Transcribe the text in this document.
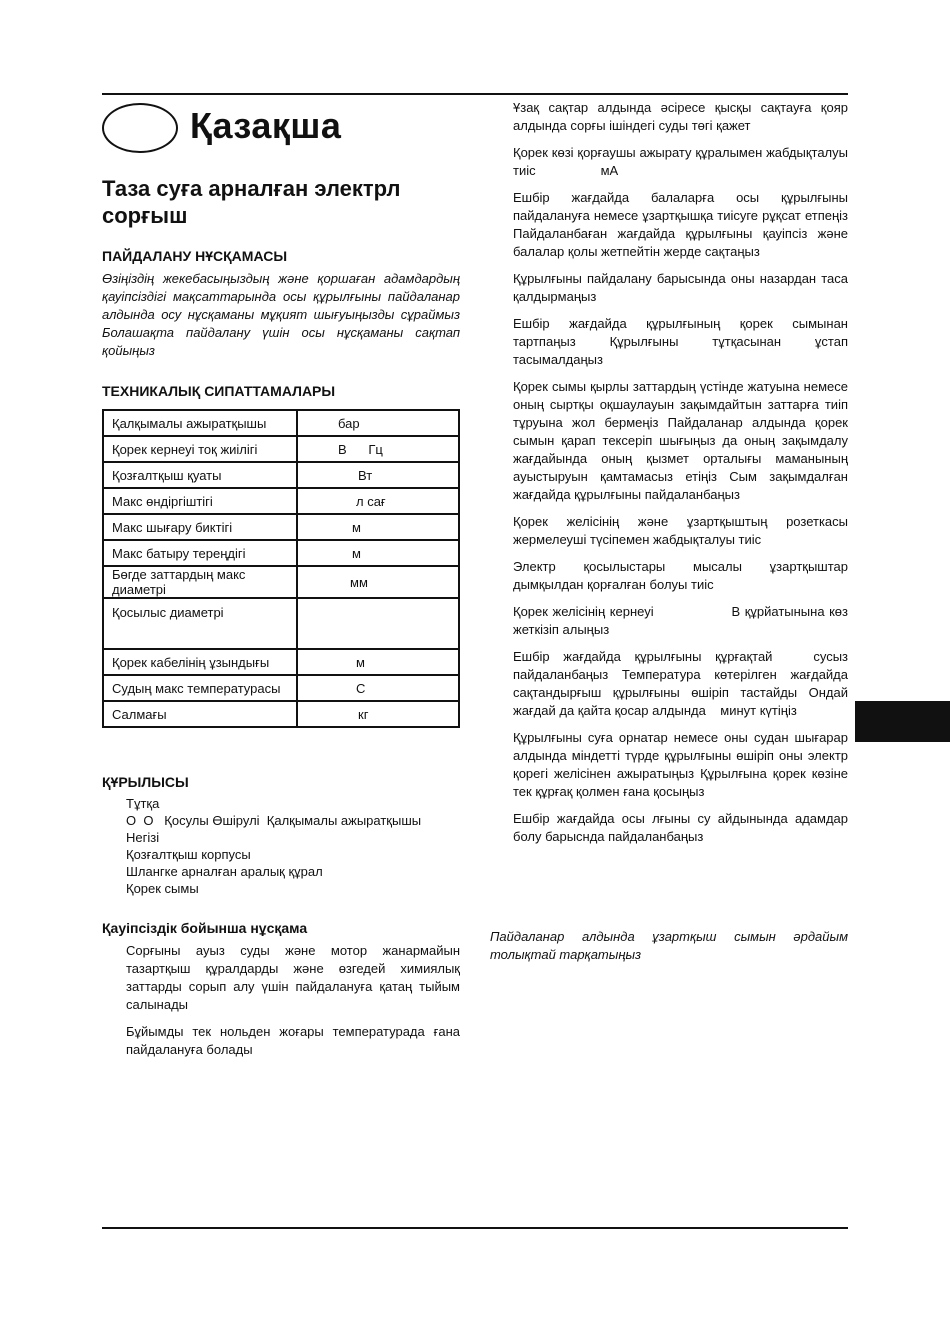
Қазақша
Таза суға арналған электрл сорғыш
ПАЙДАЛАНУ НҰСҚАМАСЫ
Өзіңіздің жекебасыңыздың және қоршаған адамдардың қауіпсіздігі мақсаттарында осы құрылғыны пайдаланар алдында осу нұсқаманы мұқият шығуыңызды сұраймыз Болашақта пайдалану үшін осы нұсқаманы сақтап қойыңыз
ТЕХНИКАЛЫҚ СИПАТТАМАЛАРЫ
Қалқымалы ажыратқышы	бар
Қорек кернеуі тоқ жиілігі	В      Гц
Қозғалтқыш қуаты	Вт
Макс өндіргіштігі	л сағ
Макс шығару биктігі	м
Макс батыру тереңдігі	м
Бөгде заттардың макс диаметрі	мм
Қосылыс диаметрі	
Қорек кабелінің ұзындығы	м
Судың макс температурасы	С
Салмағы	кг
ҚҰРЫЛЫСЫ
Тұтқа
О  О   Қосулы Өшірулі  Қалқымалы ажыратқышы
Негізі
Қозғалтқыш корпусы
Шлангке арналған аралық құрал
Қорек сымы
Қауіпсіздік бойынша нұсқама
Сорғыны ауыз суды және мотор жанармайын тазартқыш құралдарды және өзгедей химиялық заттарды сорып алу үшін пайдалануға қатаң тыйым салынады
Бұйымды тек нольден жоғары температурада ғана пайдалануға болады
Ұзақ сақтар алдында әсіресе қысқы сақтауға қояр алдында сорғы ішіндегі суды төгі қажет
Қорек көзі қорғаушы ажырату құралымен жабдықталуы тиіс                  мА
Ешбір жағдайда балаларға осы құрылғыны пайдалануға немесе ұзартқышқа тиісуге рұқсат етпеңіз Пайдаланбаған жағдайда құрылғыны қауіпсіз және балалар қолы жетпейтін жерде сақтаңыз
Құрылғыны пайдалану барысында оны назардан таса қалдырмаңыз
Ешбір жағдайда құрылғының қорек сымынан тартпаңыз Құрылғыны тұтқасынан ұстап тасымалдаңыз
Қорек сымы қырлы заттардың үстінде жатуына немесе оның сыртқы оқшаулауын зақымдайтын заттарға тиіп тұруына жол бермеңіз Пайдаланар алдында қорек сымын қарап тексеріп шығыңыз да оның зақымдалу жағдайында оның қызмет орталығы маманының ауыстыруын қамтамасыз етіңіз Сым зақымдалған жағдайда құрылғыны пайдаланбаңыз
Қорек желісінің және ұзартқыштың розеткасы жермелеуші түсіпемен жабдықталуы тиіс
Электр қосылыстары мысалы ұзартқыштар дымқылдан қорғалған болуы тиіс
Қорек желісінің кернеуі                 В құрйатынына көз жеткізіп алыңыз
Ешбір жағдайда құрылғыны құрғақтай   сусыз пайдаланбаңыз Температура көтерілген жағдайда сақтандырғыш құрылғыны өшіріп тастайды Ондай жағдай да қайта қосар алдында    минут күтіңіз
Құрылғыны суға орнатар немесе оны судан шығарар алдында міндетті түрде құрылғыны өшіріп оны электр қорегі желісінен ажыратыңыз Құрылғына қорек көзіне тек құрғақ қолмен ғана қосыңыз
Ешбір жағдайда осы лғыны су айдынында адамдар болу барыснда пайдаланбаңыз
Пайдаланар алдында ұзартқыш сымын әрдайым толықтай тарқатыңыз
